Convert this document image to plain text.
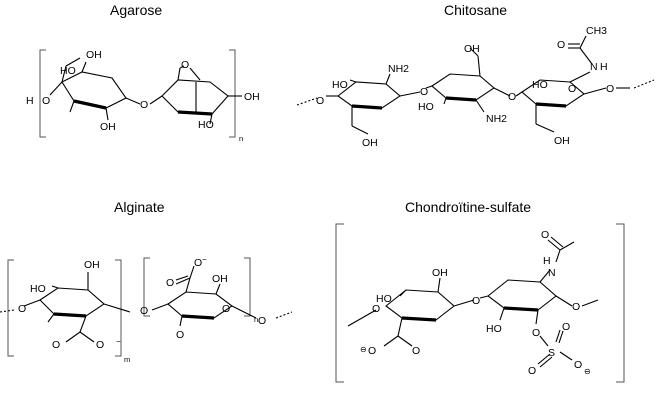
Agarose	Chitosane
Alginate	Chondroïtine-sulfate
n
OH
HO
H O
OH
O
O
HO
OH	O
HO
NH2
O
OH
HO
NH2
O
O
O
CH3
N H
HO
OH	OH
O
m
n
O
OH
HO
O	O
O
O	OH
O
O
O
O
−
−
O
H
N
HO
OH
O	O
O
O
HO	O
O
S
O
O	O
⊖
⊖
